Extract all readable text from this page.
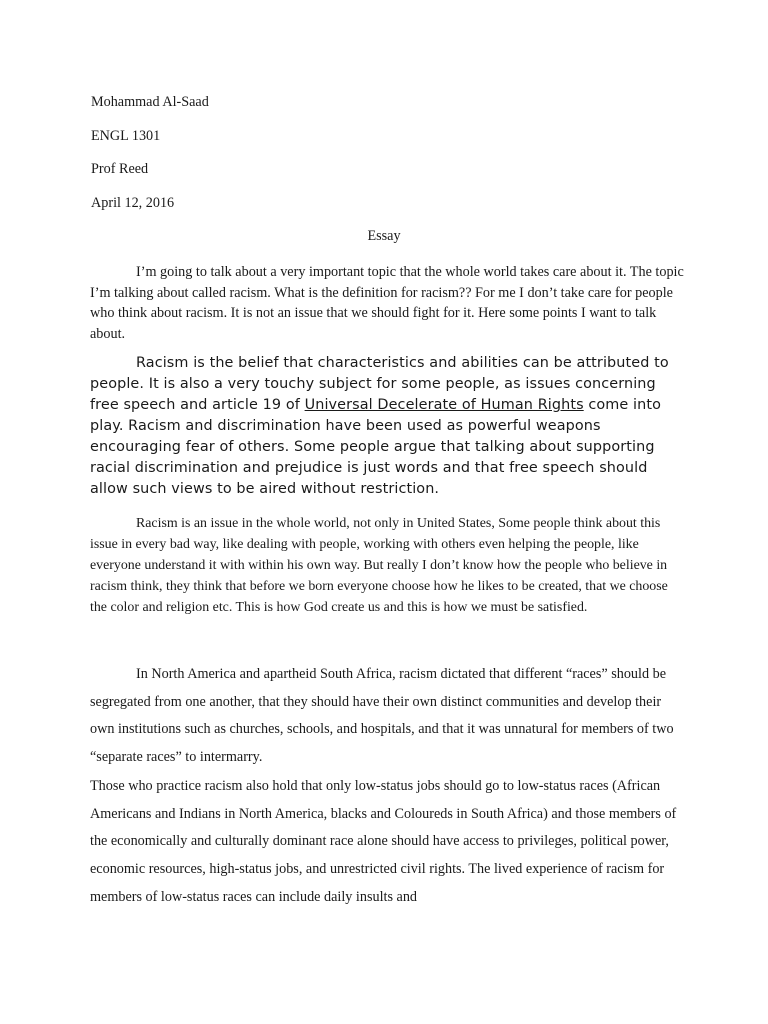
Mohammad Al-Saad

ENGL 1301

Prof Reed

April 12, 2016

Essay

I’m going to talk about a very important topic that the whole world takes care about it. The topic I’m talking about called racism. What is the definition for racism?? For me I don’t take care for people who think about racism. It is not an issue that we should fight for it. Here some points I want to talk about.

Racism is the belief that characteristics and abilities can be attributed to people. It is also a very touchy subject for some people, as issues concerning free speech and article 19 of Universal Decelerate of Human Rights come into play. Racism and discrimination have been used as powerful weapons encouraging fear of others. Some people argue that talking about supporting racial discrimination and prejudice is just words and that free speech should allow such views to be aired without restriction.

Racism is an issue in the whole world, not only in United States, Some people think about this issue in every bad way, like dealing with people, working with others even helping the people, like everyone understand it with within his own way. But really I don’t know how the people who believe in racism think, they think that before we born everyone choose how he likes to be created, that we choose the color and religion etc. This is how God create us and this is how we must be satisfied.

In North America and apartheid South Africa, racism dictated that different “races” should be segregated from one another, that they should have their own distinct communities and develop their own institutions such as churches, schools, and hospitals, and that it was unnatural for members of two “separate races” to intermarry.

Those who practice racism also hold that only low-status jobs should go to low-status races (African Americans and Indians in North America, blacks and Coloureds in South Africa) and those members of the economically and culturally dominant race alone should have access to privileges, political power, economic resources, high-status jobs, and unrestricted civil rights. The lived experience of racism for members of low-status races can include daily insults and
